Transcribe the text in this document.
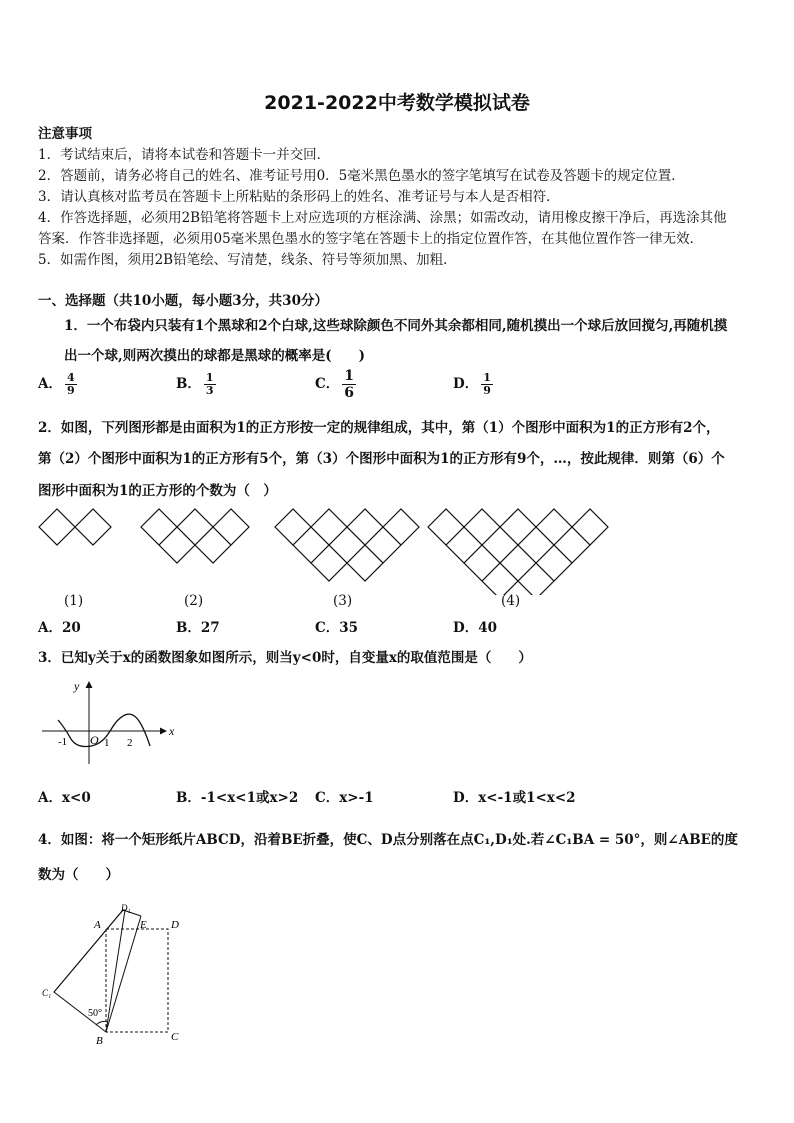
2021-2022中考数学模拟试卷
注意事项
1．考试结束后，请将本试卷和答题卡一并交回．
2．答题前，请务必将自己的姓名、准考证号用0．5毫米黑色墨水的签字笔填写在试卷及答题卡的规定位置．
3．请认真核对监考员在答题卡上所粘贴的条形码上的姓名、准考证号与本人是否相符．
4．作答选择题，必须用2B铅笔将答题卡上对应选项的方框涂满、涂黑；如需改动，请用橡皮擦干净后，再选涂其他
答案．作答非选择题，必须用05毫米黑色墨水的签字笔在答题卡上的指定位置作答，在其他位置作答一律无效．
5．如需作图，须用2B铅笔绘、写清楚，线条、符号等须加黑、加粗．
一、选择题（共10小题，每小题3分，共30分）
1．一个布袋内只装有1个黑球和2个白球,这些球除颜色不同外其余都相同,随机摸出一个球后放回搅匀,再随机摸
出一个球,则两次摸出的球都是黑球的概率是(　　)
A． $\frac{4}{9}$	B． $\frac{1}{3}$	C． $\frac{1}{6}$	D． $\frac{1}{9}$
2．如图，下列图形都是由面积为1的正方形按一定的规律组成，其中，第（1）个图形中面积为1的正方形有2个，
第（2）个图形中面积为1的正方形有5个，第（3）个图形中面积为1的正方形有9个，…，按此规律．则第（6）个
图形中面积为1的正方形的个数为（　）
(1)	(2)	(3)	(4)
A．20	B．27	C．35	D．40
3．已知y关于x的函数图象如图所示，则当y<0时，自变量x的取值范围是（　　）
y
x
O
-1	1 2
A．x<0	B．-1<x<1或x>2 C．x>-1	D．x<-1或1<x<2
4．如图：将一个矩形纸片ABCD，沿着BE折叠，使C、D点分别落在点C₁,D₁处.若∠C₁BA = 50°，则∠ABE的度
数为（　　）
A
D₁
E D
C₁
50°
B	C
